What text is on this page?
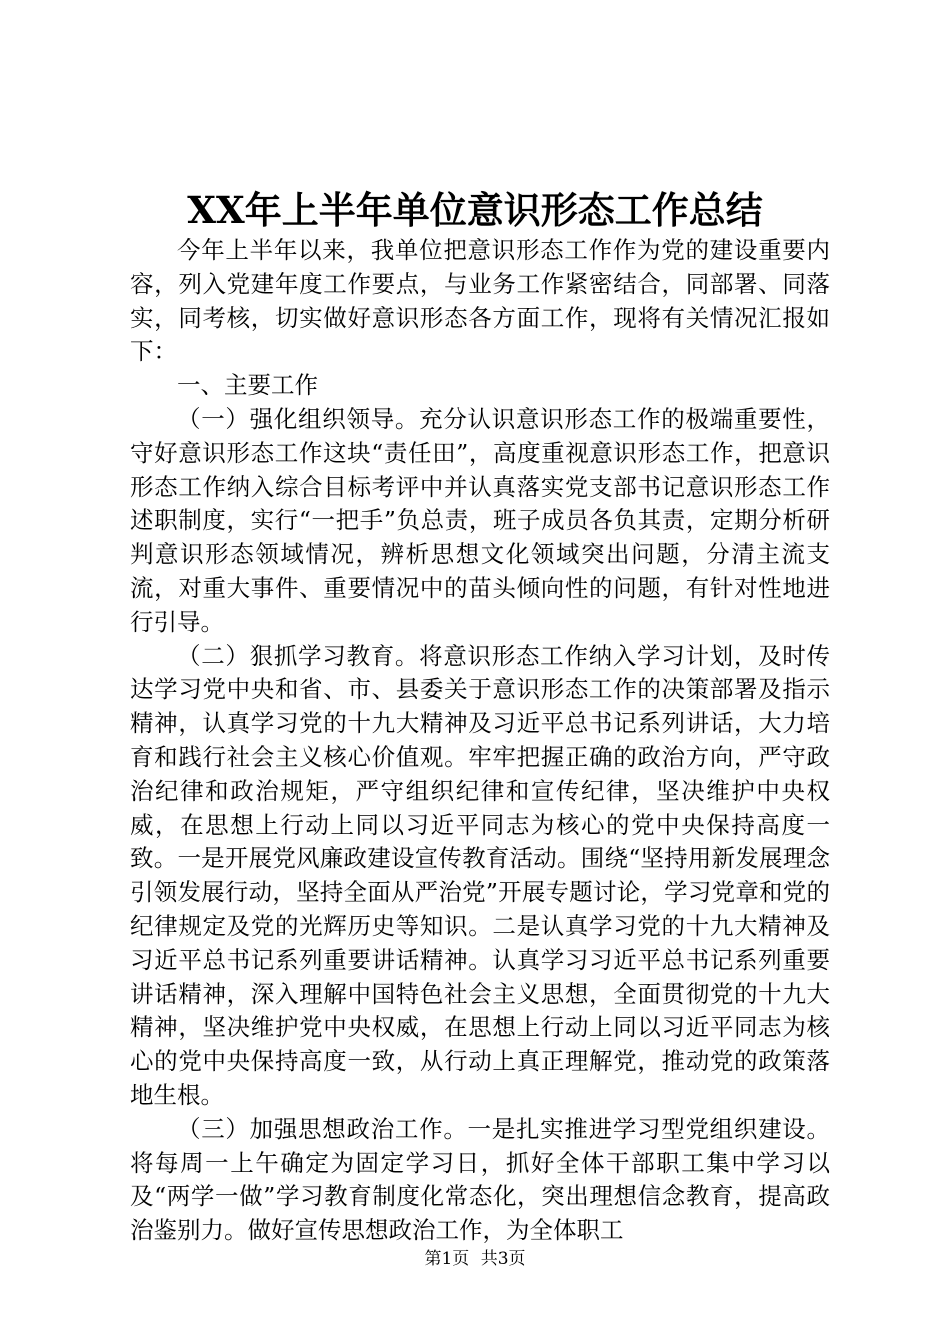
XX年上半年单位意识形态工作总结

今年上半年以来，我单位把意识形态工作作为党的建设重要内容，列入党建年度工作要点，与业务工作紧密结合，同部署、同落实，同考核，切实做好意识形态各方面工作，现将有关情况汇报如下：

一、主要工作

（一）强化组织领导。充分认识意识形态工作的极端重要性，守好意识形态工作这块“责任田”，高度重视意识形态工作，把意识形态工作纳入综合目标考评中并认真落实党支部书记意识形态工作述职制度，实行“一把手”负总责，班子成员各负其责，定期分析研判意识形态领域情况，辨析思想文化领域突出问题，分清主流支流，对重大事件、重要情况中的苗头倾向性的问题，有针对性地进行引导。

（二）狠抓学习教育。将意识形态工作纳入学习计划，及时传达学习党中央和省、市、县委关于意识形态工作的决策部署及指示精神，认真学习党的十九大精神及习近平总书记系列讲话，大力培育和践行社会主义核心价值观。牢牢把握正确的政治方向，严守政治纪律和政治规矩，严守组织纪律和宣传纪律，坚决维护中央权威，在思想上行动上同以习近平同志为核心的党中央保持高度一致。一是开展党风廉政建设宣传教育活动。围绕“坚持用新发展理念引领发展行动，坚持全面从严治党”开展专题讨论，学习党章和党的纪律规定及党的光辉历史等知识。二是认真学习党的十九大精神及习近平总书记系列重要讲话精神。认真学习习近平总书记系列重要讲话精神，深入理解中国特色社会主义思想，全面贯彻党的十九大精神，坚决维护党中央权威，在思想上行动上同以习近平同志为核心的党中央保持高度一致，从行动上真正理解党，推动党的政策落地生根。

（三）加强思想政治工作。一是扎实推进学习型党组织建设。将每周一上午确定为固定学习日，抓好全体干部职工集中学习以及“两学一做”学习教育制度化常态化，突出理想信念教育，提高政治鉴别力。做好宣传思想政治工作，为全体职工

第1页 共3页
